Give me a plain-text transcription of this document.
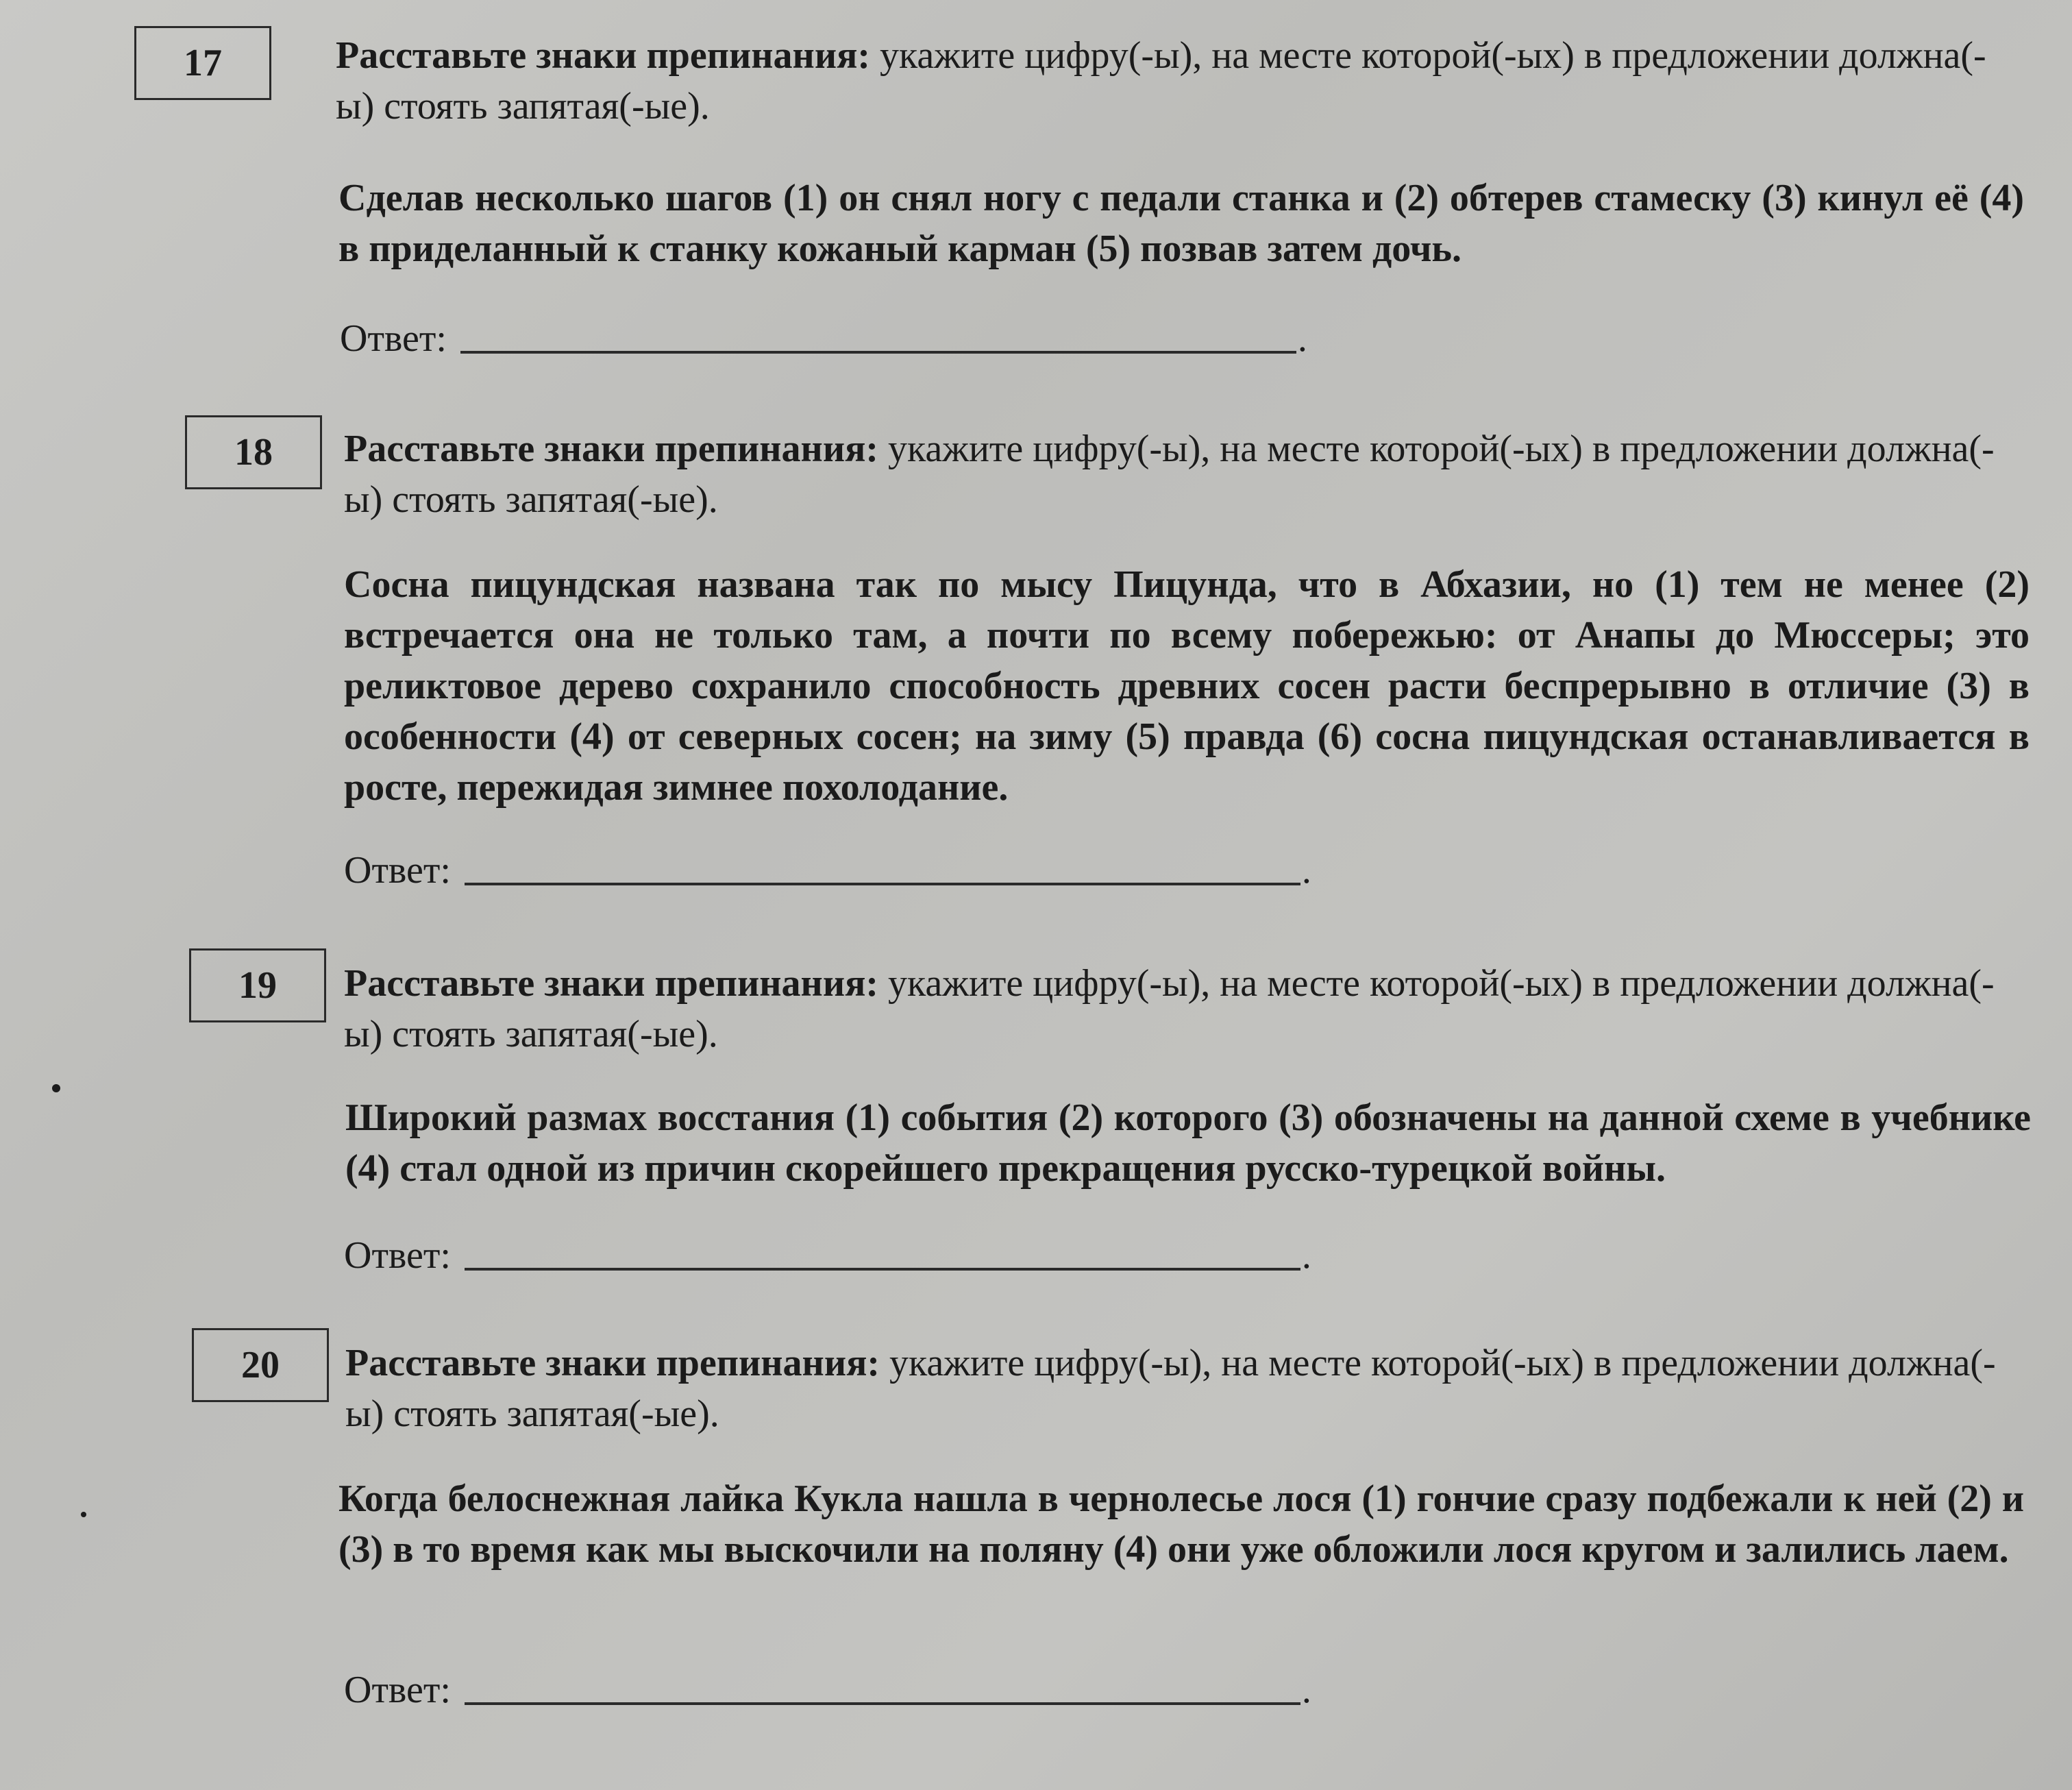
17	Расставьте знаки препинания: укажите цифру(-ы), на месте которой(-ых) в предложении должна(-ы) стоять запятая(-ые).
Сделав несколько шагов (1) он снял ногу с педали станка и (2) обтерев стамеску (3) кинул её (4) в приделанный к станку кожаный карман (5) позвав затем дочь.
Ответ:	.
18 Расставьте знаки препинания: укажите цифру(-ы), на месте которой(-ых) в предложении должна(-ы) стоять запятая(-ые).
Сосна пицундская названа так по мысу Пицунда, что в Абхазии, но (1) тем не менее (2) встречается она не только там, а почти по всему побережью: от Анапы до Мюссеры; это реликтовое дерево сохранило способность древних сосен расти беспрерывно в отличие (3) в особенности (4) от северных сосен; на зиму (5) правда (6) сосна пицундская останавливается в росте, пережидая зимнее похолодание.
Ответ:	.
19 Расставьте знаки препинания: укажите цифру(-ы), на месте которой(-ых) в предложении должна(-ы) стоять запятая(-ые).
Широкий размах восстания (1) события (2) которого (3) обозначены на данной схеме в учебнике (4) стал одной из причин скорейшего прекращения русско-турецкой войны.
Ответ:	.
20 Расставьте знаки препинания: укажите цифру(-ы), на месте которой(-ых) в предложении должна(-ы) стоять запятая(-ые).
Когда белоснежная лайка Кукла нашла в чернолесье лося (1) гончие сразу подбежали к ней (2) и (3) в то время как мы выскочили на поляну (4) они уже обложили лося кругом и залились лаем.
Ответ:	.
